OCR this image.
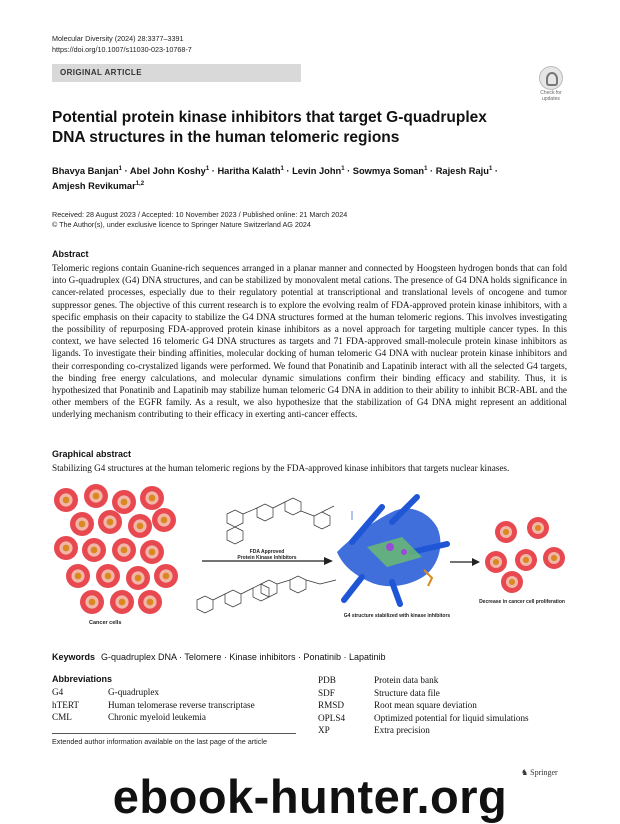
Molecular Diversity (2024) 28:3377–3391
https://doi.org/10.1007/s11030-023-10768-7
ORIGINAL ARTICLE
Check for updates
Potential protein kinase inhibitors that target G-quadruplex DNA structures in the human telomeric regions
Bhavya Banjan$^1$ · Abel John Koshy$^1$ · Haritha Kalath$^1$ · Levin John$^1$ · Sowmya Soman$^1$ · Rajesh Raju$^1$ ·
Amjesh Revikumar$^{1,2}$
Received: 28 August 2023 / Accepted: 10 November 2023 / Published online: 21 March 2024
© The Author(s), under exclusive licence to Springer Nature Switzerland AG 2024
Abstract
Telomeric regions contain Guanine-rich sequences arranged in a planar manner and connected by Hoogsteen hydrogen bonds that can fold into G-quadruplex (G4) DNA structures, and can be stabilized by monovalent metal cations. The presence of G4 DNA holds significance in cancer-related processes, especially due to their regulatory potential at transcriptional and translational levels of oncogene and tumor suppressor genes. The objective of this current research is to explore the evolving realm of FDA-approved protein kinase inhibitors, with a specific emphasis on their capacity to stabilize the G4 DNA structures formed at the human telomeric regions. This involves investigating the possibility of repurposing FDA-approved protein kinase inhibitors as a novel approach for targeting multiple cancer types. In this context, we have selected 16 telomeric G4 DNA structures as targets and 71 FDA-approved small-molecule protein kinase inhibitors as ligands. To investigate their binding affinities, molecular docking of human telomeric G4 DNA with nuclear protein kinase inhibitors and their corresponding co-crystalized ligands were performed. We found that Ponatinib and Lapatinib interact with all the selected G4 targets, the binding free energy calculations, and molecular dynamic simulations confirm their binding efficacy and stability. Thus, it is hypothesized that Ponatinib and Lapatinib may stabilize human telomeric G4 DNA in addition to their ability to inhibit BCR-ABL and the other members of the EGFR family. As a result, we also hypothesize that the stabilization of G4 DNA might represent an additional underlying mechanism contributing to their efficacy in exerting anti-cancer effects.
Graphical abstract
Stabilizing G4 structures at the human telomeric regions by the FDA-approved kinase inhibitors that targets nuclear kinases.
Cancer cells
FDA Approved
Protein Kinase Inhibitors
G4 structure stabilized with kinase inhibitors
Decrease in cancer cell proliferation
Keywords G-quadruplex DNA · Telomere · Kinase inhibitors · Ponatinib · Lapatinib
Abbreviations
G4	G-quadruplex
hTERT	Human telomerase reverse transcriptase
CML	Chronic myeloid leukemia
PDB	Protein data bank
SDF	Structure data file
RMSD	Root mean square deviation
OPLS4	Optimized potential for liquid simulations
XP	Extra precision
Extended author information available on the last page of the article
♞ Springer
ebook-hunter.org
